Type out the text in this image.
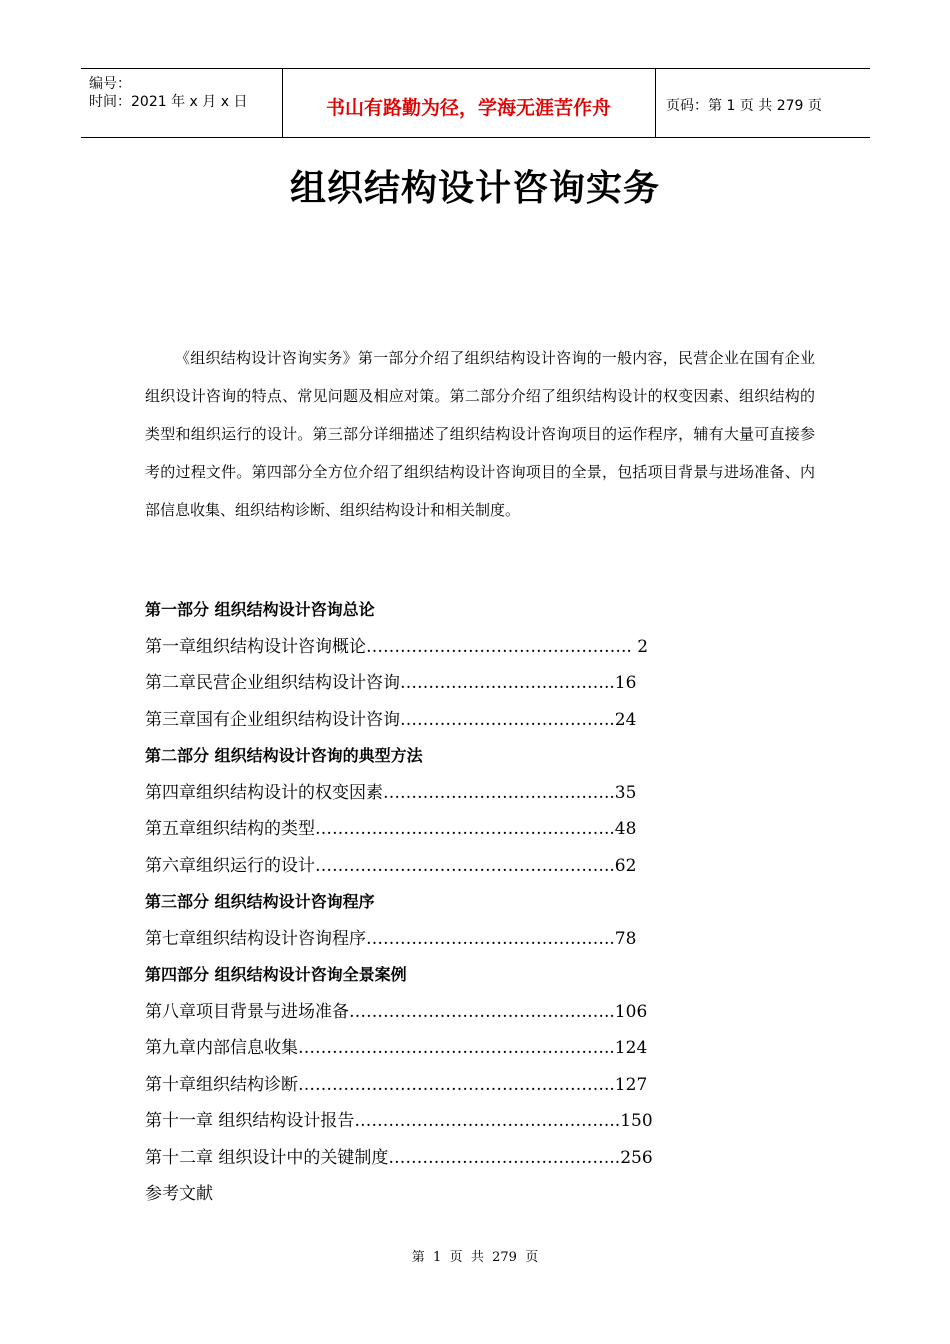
编号：
时间：2021 年 x 月 x 日	书山有路勤为径，学海无涯苦作舟	页码：第 1 页 共 279 页
组织结构设计咨询实务

《组织结构设计咨询实务》第一部分介绍了组织结构设计咨询的一般内容，民营企业在国有企业组织设计咨询的特点、常见问题及相应对策。第二部分介绍了组织结构设计的权变因素、组织结构的类型和组织运行的设计。第三部分详细描述了组织结构设计咨询项目的运作程序，辅有大量可直接参考的过程文件。第四部分全方位介绍了组织结构设计咨询项目的全景，包括项目背景与进场准备、内部信息收集、组织结构诊断、组织结构设计和相关制度。

第一部分 组织结构设计咨询总论
第一章组织结构设计咨询概论……………………………………….. 2
第二章民营企业组织结构设计咨询………………………………..16
第三章国有企业组织结构设计咨询………………………………..24
第二部分 组织结构设计咨询的典型方法
第四章组织结构设计的权变因素…………………………………..35
第五章组织结构的类型……………………………………………..48
第六章组织运行的设计……………………………………………..62
第三部分 组织结构设计咨询程序
第七章组织结构设计咨询程序……………………………………..78
第四部分 组织结构设计咨询全景案例
第八章项目背景与进场准备………………………………………..106
第九章内部信息收集………………………………………………..124
第十章组织结构诊断………………………………………………..127
第十一章 组织结构设计报告………………………………………..150
第十二章 组织设计中的关键制度…………………………………..256
参考文献
第  1  页  共  279  页
